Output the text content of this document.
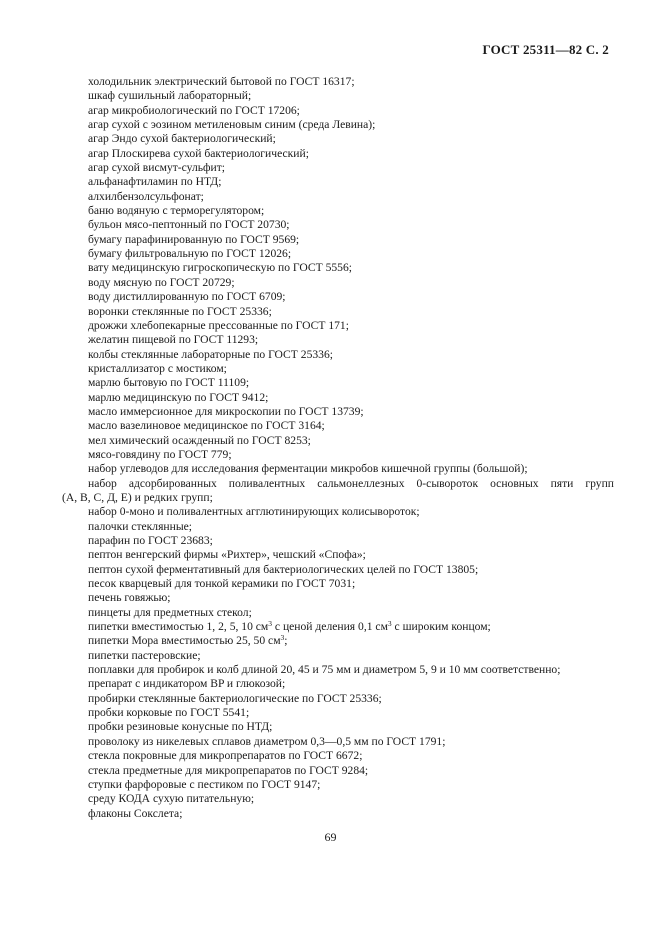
ГОСТ 25311—82 С. 2
холодильник электрический бытовой по ГОСТ 16317;
шкаф сушильный лабораторный;
агар микробиологический по ГОСТ 17206;
агар сухой с эозином метиленовым синим (среда Левина);
агар Эндо сухой бактериологический;
агар Плоскирева сухой бактериологический;
агар сухой висмут-сульфит;
альфанафтиламин по НТД;
алхилбензолсульфонат;
баню водяную с терморегулятором;
бульон мясо-пептонный по ГОСТ 20730;
бумагу парафинированную по ГОСТ 9569;
бумагу фильтровальную по ГОСТ 12026;
вату медицинскую гигроскопическую по ГОСТ 5556;
воду мясную по ГОСТ 20729;
воду дистиллированную по ГОСТ 6709;
воронки стеклянные по ГОСТ 25336;
дрожжи хлебопекарные прессованные по ГОСТ 171;
желатин пищевой по ГОСТ 11293;
колбы стеклянные лабораторные по ГОСТ 25336;
кристаллизатор с мостиком;
марлю бытовую по ГОСТ 11109;
марлю медицинскую по ГОСТ 9412;
масло иммерсионное для микроскопии по ГОСТ 13739;
масло вазелиновое медицинское по ГОСТ 3164;
мел химический осажденный по ГОСТ 8253;
мясо-говядину по ГОСТ 779;
набор углеводов для исследования ферментации микробов кишечной группы (большой);
набор адсорбированных поливалентных сальмонеллезных 0-сывороток основных пяти групп
(A, B, C, Д, E) и редких групп;
набор 0-моно и поливалентных агглютинирующих колисывороток;
палочки стеклянные;
парафин по ГОСТ 23683;
пептон венгерский фирмы «Рихтер», чешский «Спофа»;
пептон сухой ферментативный для бактериологических целей по ГОСТ 13805;
песок кварцевый для тонкой керамики по ГОСТ 7031;
печень говяжью;
пинцеты для предметных стекол;
пипетки вместимостью 1, 2, 5, 10 $см^3$ с ценой деления 0,1 $см^3$ с широким концом;
пипетки Мора вместимостью 25, 50 $см^3$;
пипетки пастеровские;
поплавки для пробирок и колб длиной 20, 45 и 75 мм и диаметром 5, 9 и 10 мм соответственно;
препарат с индикатором BP и глюкозой;
пробирки стеклянные бактериологические по ГОСТ 25336;
пробки корковые по ГОСТ 5541;
пробки резиновые конусные по НТД;
проволоку из никелевых сплавов диаметром 0,3—0,5 мм по ГОСТ 1791;
стекла покровные для микропрепаратов по ГОСТ 6672;
стекла предметные для микропрепаратов по ГОСТ 9284;
ступки фарфоровые с пестиком по ГОСТ 9147;
среду КОДА сухую питательную;
флаконы Сокслета;
69
